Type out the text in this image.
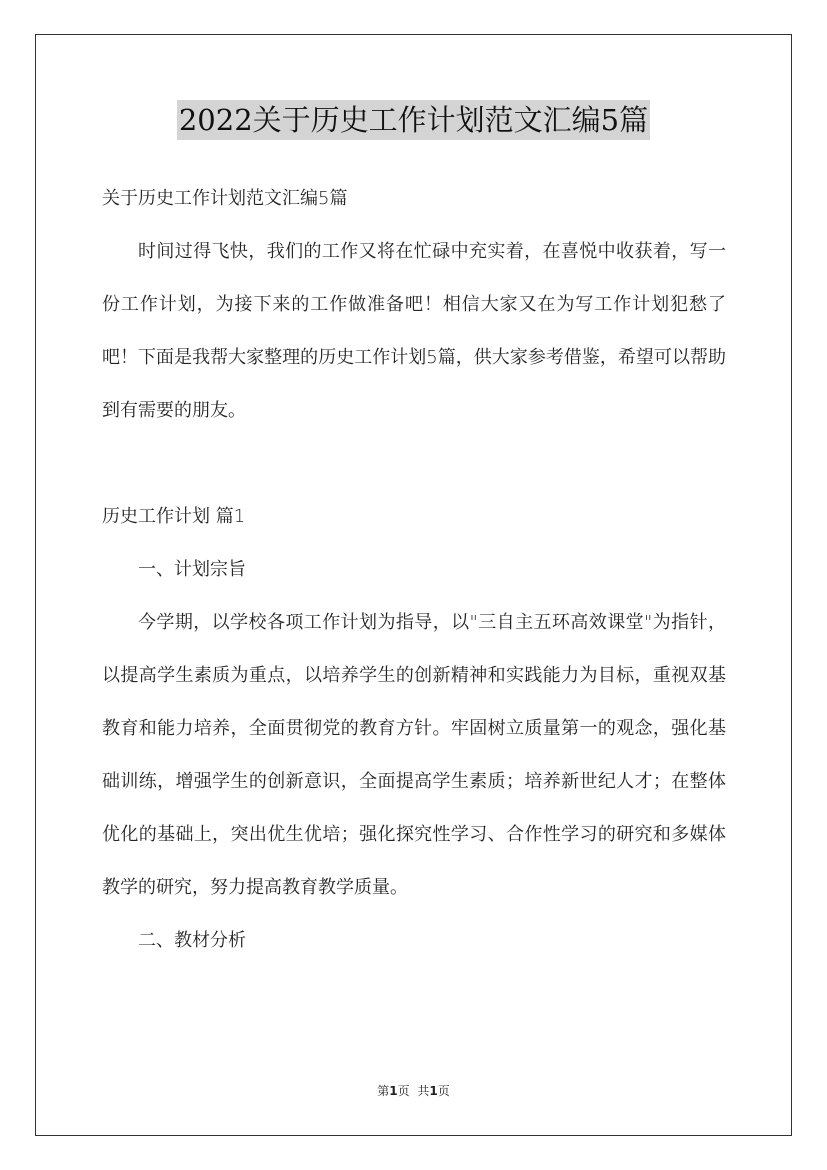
2022关于历史工作计划范文汇编5篇

关于历史工作计划范文汇编5篇

时间过得飞快，我们的工作又将在忙碌中充实着，在喜悦中收获着，写一份工作计划，为接下来的工作做准备吧！相信大家又在为写工作计划犯愁了吧！下面是我帮大家整理的历史工作计划5篇，供大家参考借鉴，希望可以帮助到有需要的朋友。

历史工作计划 篇1

一、计划宗旨

今学期，以学校各项工作计划为指导，以"三自主五环高效课堂"为指针，以提高学生素质为重点，以培养学生的创新精神和实践能力为目标，重视双基教育和能力培养，全面贯彻党的教育方针。牢固树立质量第一的观念，强化基础训练，增强学生的创新意识，全面提高学生素质；培养新世纪人才；在整体优化的基础上，突出优生优培；强化探究性学习、合作性学习的研究和多媒体教学的研究，努力提高教育教学质量。

二、教材分析

第1页 共1页
